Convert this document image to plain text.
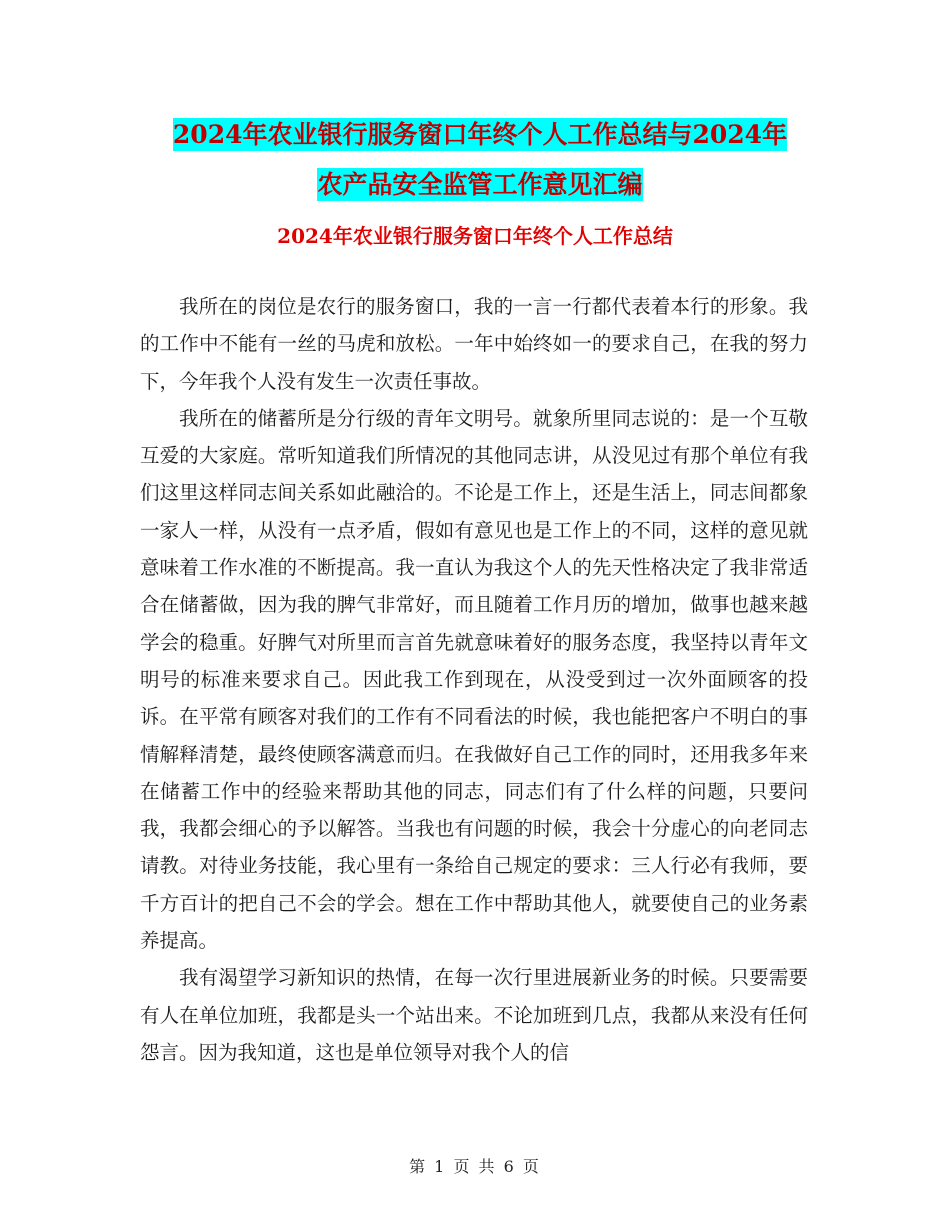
2024年农业银行服务窗口年终个人工作总结与2024年
农产品安全监管工作意见汇编
2024年农业银行服务窗口年终个人工作总结

我所在的岗位是农行的服务窗口，我的一言一行都代表着本行的形象。我的工作中不能有一丝的马虎和放松。一年中始终如一的要求自己，在我的努力下，今年我个人没有发生一次责任事故。

我所在的储蓄所是分行级的青年文明号。就象所里同志说的：是一个互敬互爱的大家庭。常听知道我们所情况的其他同志讲，从没见过有那个单位有我们这里这样同志间关系如此融洽的。不论是工作上，还是生活上，同志间都象一家人一样，从没有一点矛盾，假如有意见也是工作上的不同，这样的意见就意味着工作水准的不断提高。我一直认为我这个人的先天性格决定了我非常适合在储蓄做，因为我的脾气非常好，而且随着工作月历的增加，做事也越来越学会的稳重。好脾气对所里而言首先就意味着好的服务态度，我坚持以青年文明号的标准来要求自己。因此我工作到现在，从没受到过一次外面顾客的投诉。在平常有顾客对我们的工作有不同看法的时候，我也能把客户不明白的事情解释清楚，最终使顾客满意而归。在我做好自己工作的同时，还用我多年来在储蓄工作中的经验来帮助其他的同志，同志们有了什么样的问题，只要问我，我都会细心的予以解答。当我也有问题的时候，我会十分虚心的向老同志请教。对待业务技能，我心里有一条给自己规定的要求：三人行必有我师，要千方百计的把自己不会的学会。想在工作中帮助其他人，就要使自己的业务素养提高。

我有渴望学习新知识的热情，在每一次行里进展新业务的时候。只要需要有人在单位加班，我都是头一个站出来。不论加班到几点，我都从来没有任何怨言。因为我知道，这也是单位领导对我个人的信

第 1 页 共 6 页
